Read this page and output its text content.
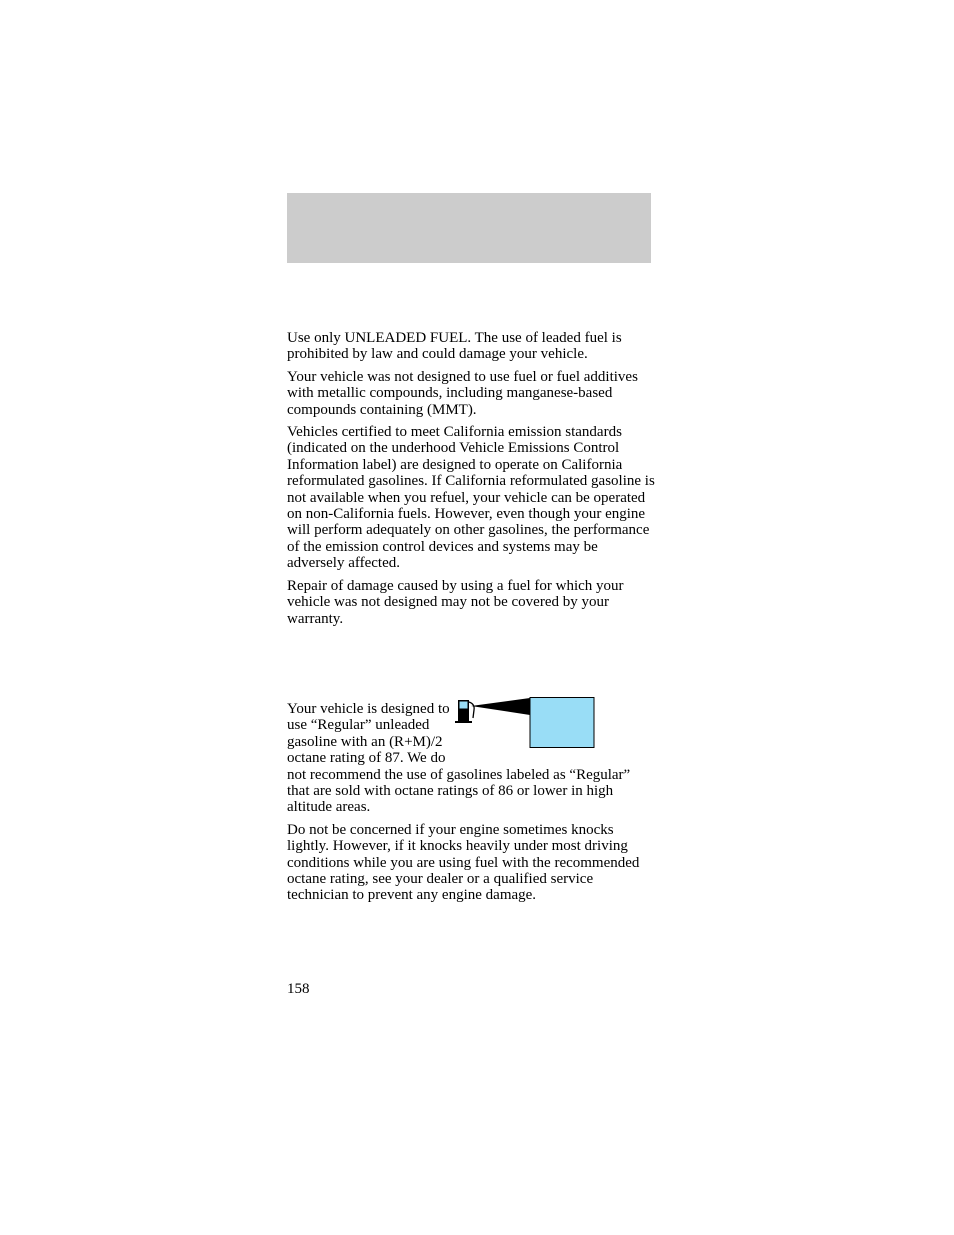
Use only UNLEADED FUEL. The use of leaded fuel is prohibited by law and could damage your vehicle.

Your vehicle was not designed to use fuel or fuel additives with metallic compounds, including manganese-based compounds containing (MMT).

Vehicles certified to meet California emission standards (indicated on the underhood Vehicle Emissions Control Information label) are designed to operate on California reformulated gasolines. If California reformulated gasoline is not available when you refuel, your vehicle can be operated on non-California fuels. However, even though your engine will perform adequately on other gasolines, the performance of the emission control devices and systems may be adversely affected.

Repair of damage caused by using a fuel for which your vehicle was not designed may not be covered by your warranty.

Your vehicle is designed to use “Regular” unleaded gasoline with an (R+M)/2 octane rating of 87. We do not recommend the use of gasolines labeled as “Regular” that are sold with octane ratings of 86 or lower in high altitude areas.

Do not be concerned if your engine sometimes knocks lightly. However, if it knocks heavily under most driving conditions while you are using fuel with the recommended octane rating, see your dealer or a qualified service technician to prevent any engine damage.

158
